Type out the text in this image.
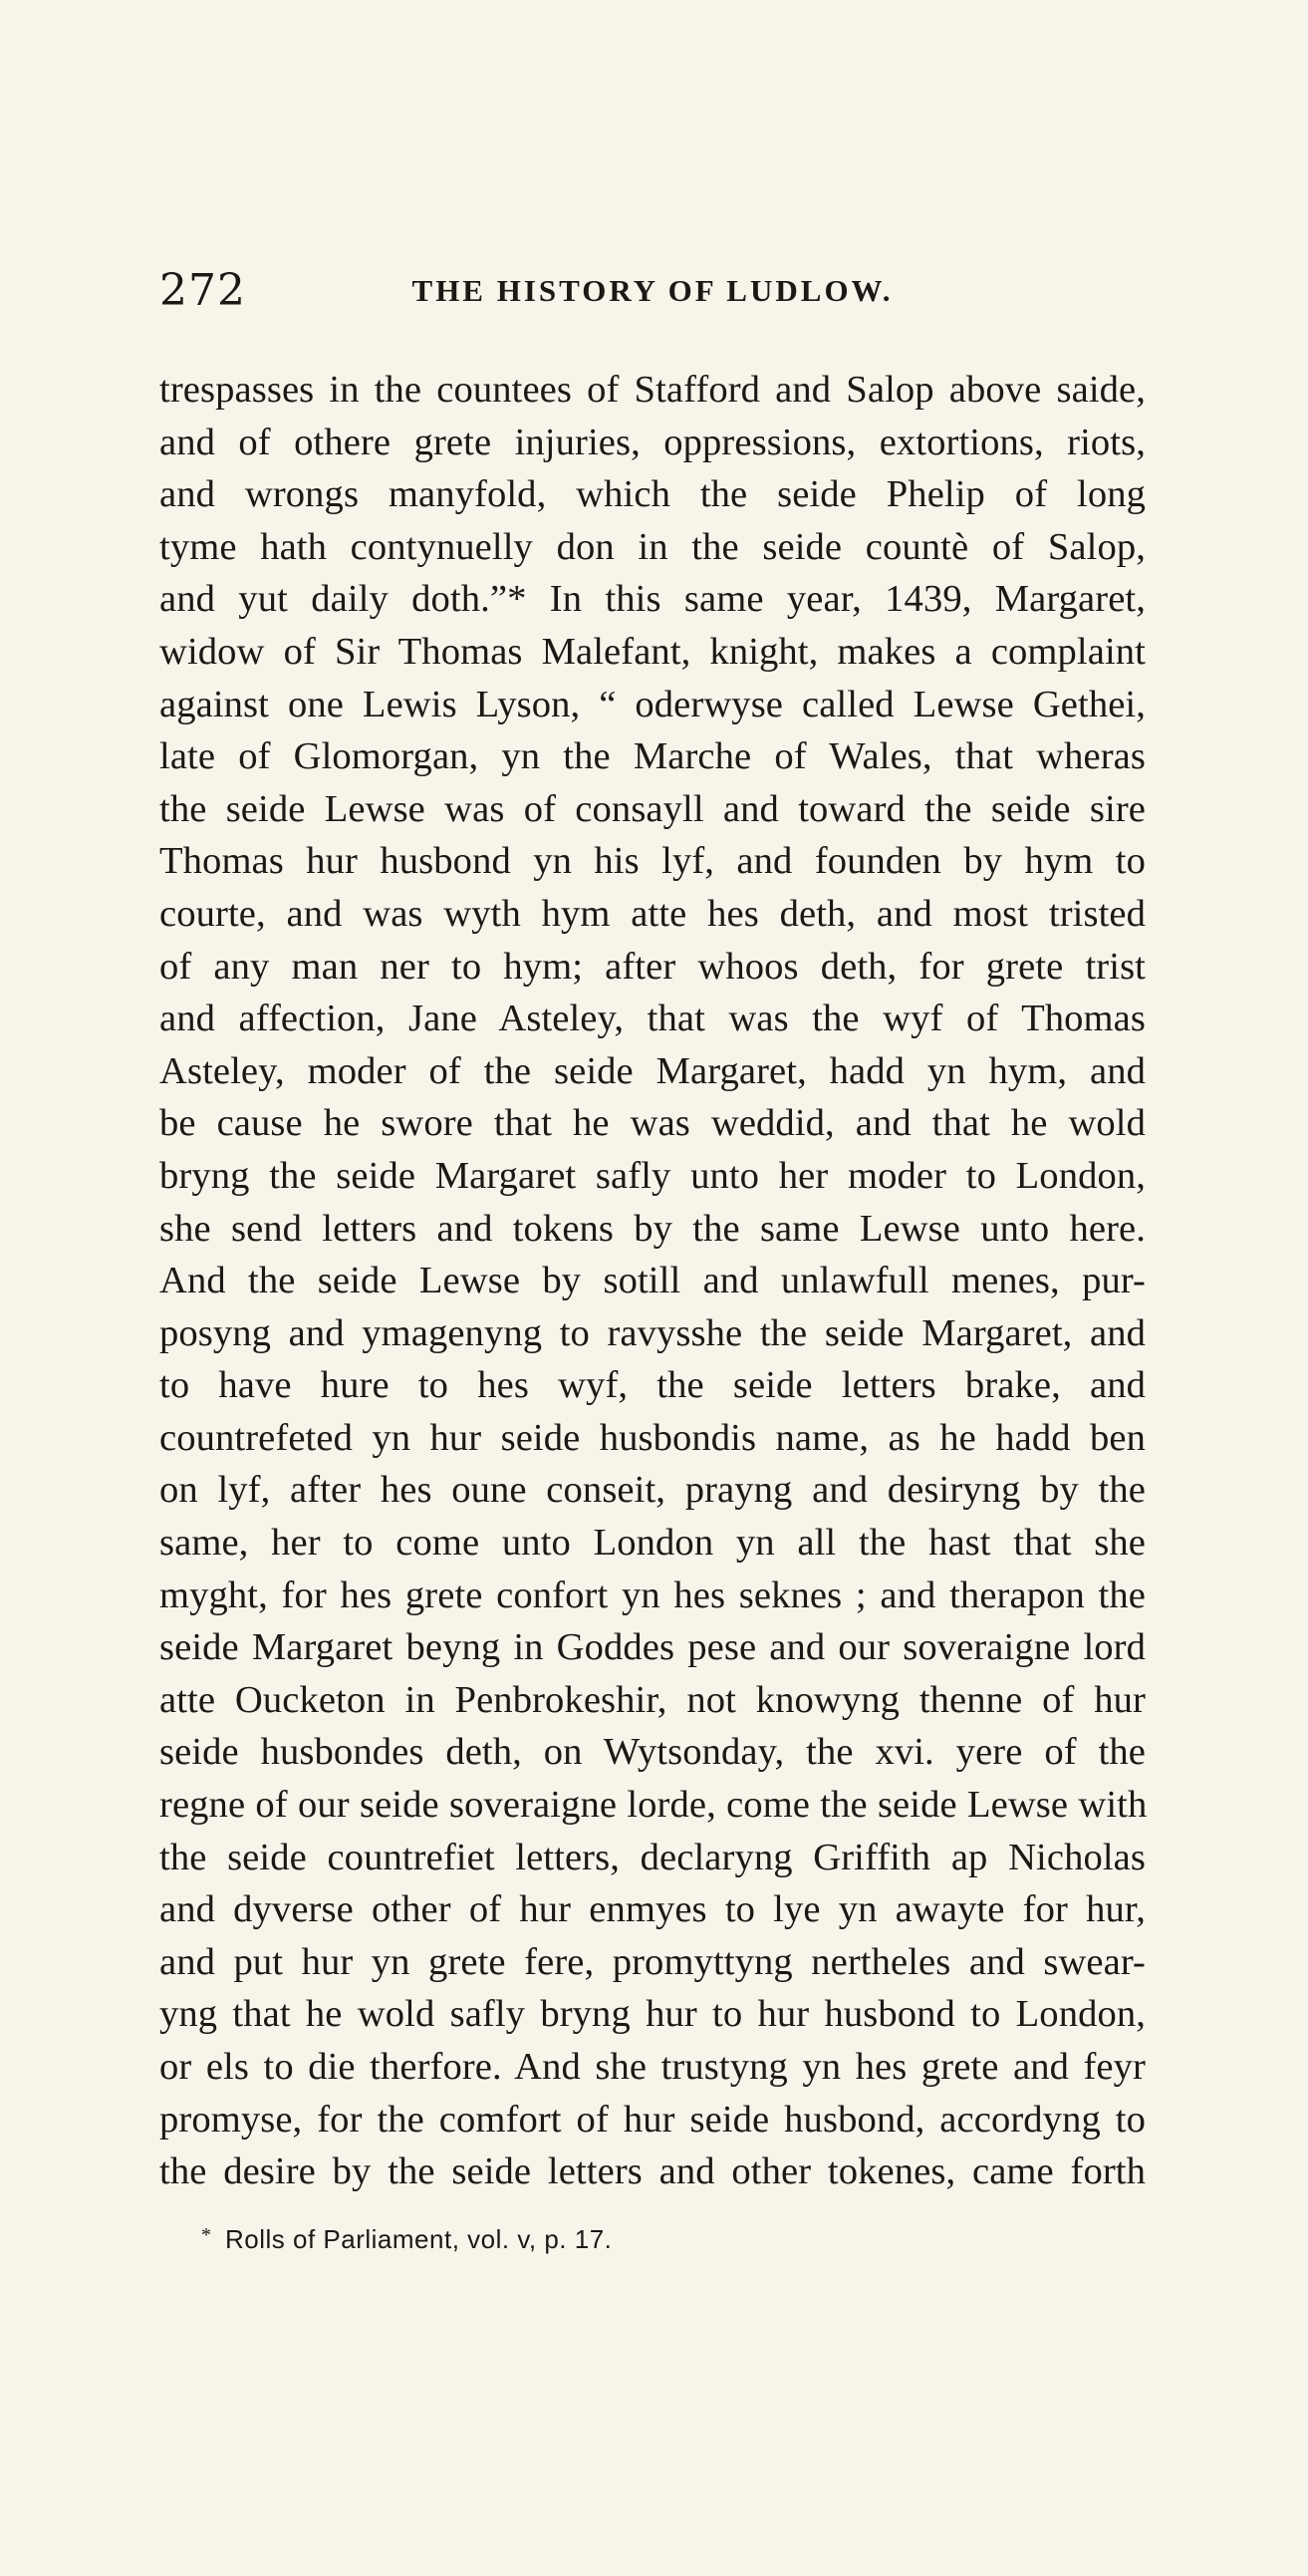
272	THE HISTORY OF LUDLOW.
trespasses in the countees of Stafford and Salop above saide,
and of othere grete injuries, oppressions, extortions, riots,
and wrongs manyfold, which the seide Phelip of long
tyme hath contynuelly don in the seide countè of Salop,
and yut daily doth.”* In this same year, 1439, Margaret,
widow of Sir Thomas Malefant, knight, makes a complaint
against one Lewis Lyson, “ oderwyse called Lewse Gethei,
late of Glomorgan, yn the Marche of Wales, that wheras
the seide Lewse was of consayll and toward the seide sire
Thomas hur husbond yn his lyf, and founden by hym to
courte, and was wyth hym atte hes deth, and most tristed
of any man ner to hym; after whoos deth, for grete trist
and affection, Jane Asteley, that was the wyf of Thomas
Asteley, moder of the seide Margaret, hadd yn hym, and
be cause he swore that he was weddid, and that he wold
bryng the seide Margaret safly unto her moder to London,
she send letters and tokens by the same Lewse unto here.
And the seide Lewse by sotill and unlawfull menes, pur-
posyng and ymagenyng to ravysshe the seide Margaret, and
to have hure to hes wyf, the seide letters brake, and
countrefeted yn hur seide husbondis name, as he hadd ben
on lyf, after hes oune conseit, prayng and desiryng by the
same, her to come unto London yn all the hast that she
myght, for hes grete confort yn hes seknes ; and therapon the
seide Margaret beyng in Goddes pese and our soveraigne lord
atte Oucketon in Penbrokeshir, not knowyng thenne of hur
seide husbondes deth, on Wytsonday, the xvi. yere of the
regne of our seide soveraigne lorde, come the seide Lewse with
the seide countrefiet letters, declaryng Griffith ap Nicholas
and dyverse other of hur enmyes to lye yn awayte for hur,
and put hur yn grete fere, promyttyng nertheles and swear-
yng that he wold safly bryng hur to hur husbond to London,
or els to die therfore. And she trustyng yn hes grete and feyr
promyse, for the comfort of hur seide husbond, accordyng to
the desire by the seide letters and other tokenes, came forth
* Rolls of Parliament, vol. v, p. 17.
